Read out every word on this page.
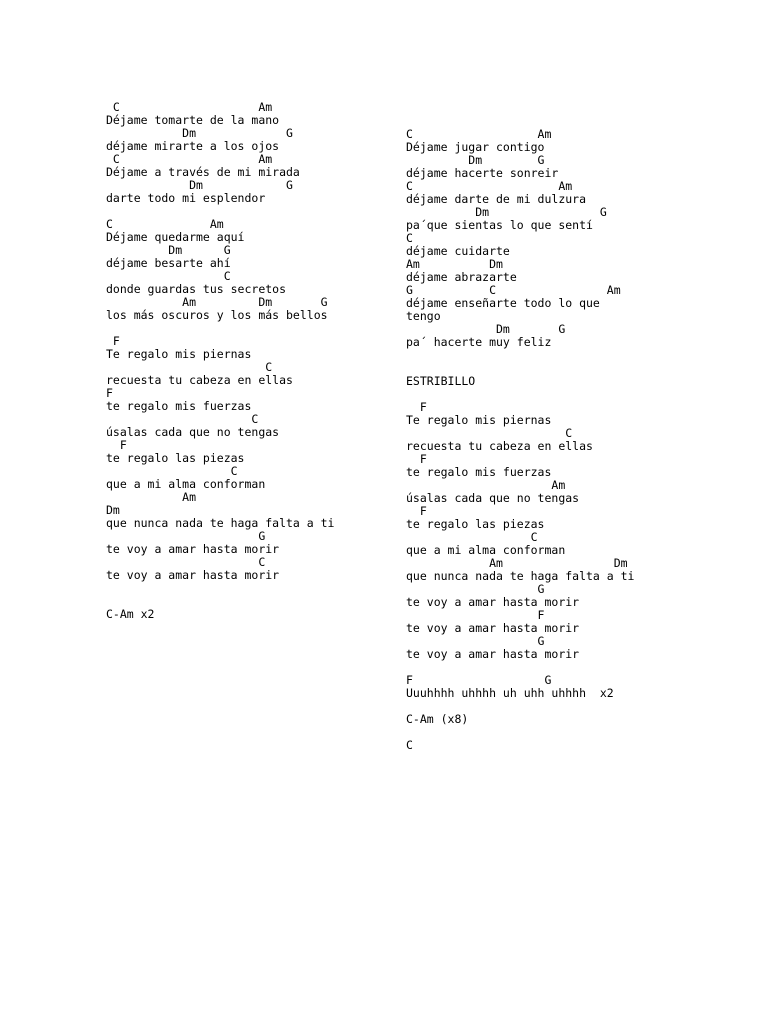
C                    Am
Déjame tomarte de la mano
Dm             G
déjame mirarte a los ojos
C                    Am
Déjame a través de mi mirada
Dm            G
darte todo mi esplendor
C              Am
Déjame quedarme aquí
Dm      G
déjame besarte ahí
C
donde guardas tus secretos
Am         Dm       G
los más oscuros y los más bellos
F
Te regalo mis piernas
C
recuesta tu cabeza en ellas
F
te regalo mis fuerzas
C
úsalas cada que no tengas
F
te regalo las piezas
C
que a mi alma conforman
Am
Dm
que nunca nada te haga falta a ti
G
te voy a amar hasta morir
C
te voy a amar hasta morir
C-Am x2
C                  Am
Déjame jugar contigo
Dm        G
déjame hacerte sonreir
C                     Am
déjame darte de mi dulzura
Dm                G
pa´que sientas lo que sentí
C
déjame cuidarte
Am          Dm
déjame abrazarte
G           C                Am
déjame enseñarte todo lo que
tengo
Dm       G
pa´ hacerte muy feliz
ESTRIBILLO
F
Te regalo mis piernas
C
recuesta tu cabeza en ellas
F
te regalo mis fuerzas
Am
úsalas cada que no tengas
F
te regalo las piezas
C
que a mi alma conforman
Am                Dm
que nunca nada te haga falta a ti
G
te voy a amar hasta morir
F
te voy a amar hasta morir
G
te voy a amar hasta morir
F                   G
Uuuhhhh uhhhh uh uhh uhhhh  x2
C-Am (x8)
C
